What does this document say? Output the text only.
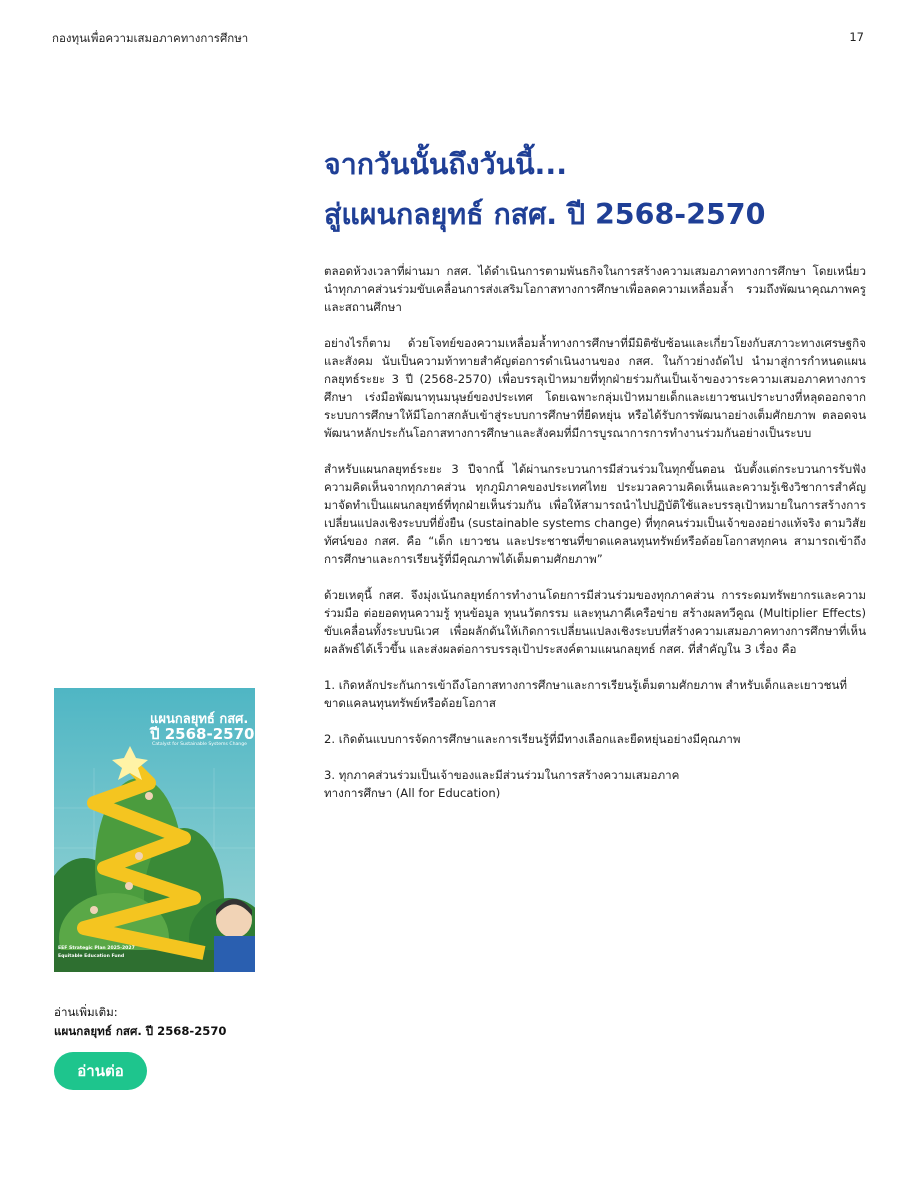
กองทุนเพื่อความเสมอภาคทางการศึกษา	17
จากวันนั้นถึงวันนี้...
สู่แผนกลยุทธ์ กสศ. ปี 2568-2570

ตลอดห้วงเวลาที่ผ่านมา กสศ. ได้ดำเนินการตามพันธกิจในการสร้างความเสมอภาคทางการศึกษา โดยเหนี่ยวนำทุกภาคส่วนร่วมขับเคลื่อนการส่งเสริมโอกาสทางการศึกษาเพื่อลดความเหลื่อมล้ำ รวมถึงพัฒนาคุณภาพครูและสถานศึกษา

อย่างไรก็ตาม ด้วยโจทย์ของความเหลื่อมล้ำทางการศึกษาที่มีมิติซับซ้อนและเกี่ยวโยงกับสภาวะทางเศรษฐกิจและสังคม นับเป็นความท้าทายสำคัญต่อการดำเนินงานของ กสศ. ในก้าวย่างถัดไป นำมาสู่การกำหนดแผนกลยุทธ์ระยะ 3 ปี (2568-2570) เพื่อบรรลุเป้าหมายที่ทุกฝ่ายร่วมกันเป็นเจ้าของวาระความเสมอภาคทางการศึกษา เร่งมือพัฒนาทุนมนุษย์ของประเทศ โดยเฉพาะกลุ่มเป้าหมายเด็กและเยาวชนเปราะบางที่หลุดออกจากระบบการศึกษาให้มีโอกาสกลับเข้าสู่ระบบการศึกษาที่ยืดหยุ่น หรือได้รับการพัฒนาอย่างเต็มศักยภาพ ตลอดจนพัฒนาหลักประกันโอกาสทางการศึกษาและสังคมที่มีการบูรณาการการทำงานร่วมกันอย่างเป็นระบบ

สำหรับแผนกลยุทธ์ระยะ 3 ปีจากนี้ ได้ผ่านกระบวนการมีส่วนร่วมในทุกขั้นตอน นับตั้งแต่กระบวนการรับฟังความคิดเห็นจากทุกภาคส่วน ทุกภูมิภาคของประเทศไทย ประมวลความคิดเห็นและความรู้เชิงวิชาการสำคัญมาจัดทำเป็นแผนกลยุทธ์ที่ทุกฝ่ายเห็นร่วมกัน เพื่อให้สามารถนำไปปฏิบัติใช้และบรรลุเป้าหมายในการสร้างการเปลี่ยนแปลงเชิงระบบที่ยั่งยืน (sustainable systems change) ที่ทุกคนร่วมเป็นเจ้าของอย่างแท้จริง ตามวิสัยทัศน์ของ กสศ. คือ “เด็ก เยาวชน และประชาชนที่ขาดแคลนทุนทรัพย์หรือด้อยโอกาสทุกคน สามารถเข้าถึงการศึกษาและการเรียนรู้ที่มีคุณภาพได้เต็มตามศักยภาพ”

ด้วยเหตุนี้ กสศ. จึงมุ่งเน้นกลยุทธ์การทำงานโดยการมีส่วนร่วมของทุกภาคส่วน การระดมทรัพยากรและความร่วมมือ ต่อยอดทุนความรู้ ทุนข้อมูล ทุนนวัตกรรม และทุนภาคีเครือข่าย สร้างผลทวีคูณ (Multiplier Effects) ขับเคลื่อนทั้งระบบนิเวศ เพื่อผลักดันให้เกิดการเปลี่ยนแปลงเชิงระบบที่สร้างความเสมอภาคทางการศึกษาที่เห็นผลลัพธ์ได้เร็วขึ้น และส่งผลต่อการบรรลุเป้าประสงค์ตามแผนกลยุทธ์ กสศ. ที่สำคัญใน 3 เรื่อง คือ

1. เกิดหลักประกันการเข้าถึงโอกาสทางการศึกษาและการเรียนรู้เต็มตามศักยภาพ สำหรับเด็กและเยาวชนที่ขาดแคลนทุนทรัพย์หรือด้อยโอกาส

2. เกิดต้นแบบการจัดการศึกษาและการเรียนรู้ที่มีทางเลือกและยืดหยุ่นอย่างมีคุณภาพ

3. ทุกภาคส่วนร่วมเป็นเจ้าของและมีส่วนร่วมในการสร้างความเสมอภาค
ทางการศึกษา (All for Education)

แผนกลยุทธ์ กสศ.
ปี 2568-2570
Catalyst for Sustainable Systems Change
EEF Strategic Plan 2025-2027
Equitable Education Fund
อ่านเพิ่มเติม:
แผนกลยุทธ์ กสศ. ปี 2568-2570
อ่านต่อ
